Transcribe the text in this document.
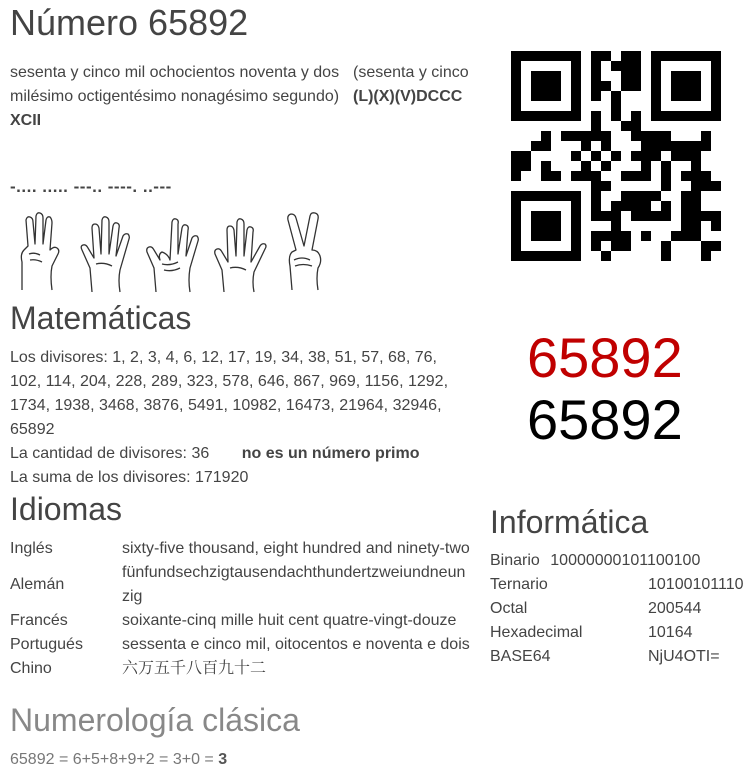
Número 65892
sesenta y cinco mil ochocientos noventa y dos
milésimo octigentésimo nonagésimo segundo)
XCII
(sesenta y cinco
(L)(X)(V)DCCC
-.... ..... ---.. ----. ..---
Matemáticas
Los divisores: 1, 2, 3, 4, 6, 12, 17, 19, 34, 38, 51, 57, 68, 76,
102, 114, 204, 228, 289, 323, 578, 646, 867, 969, 1156, 1292,
1734, 1938, 3468, 3876, 5491, 10982, 16473, 21964, 32946,
65892
La cantidad de divisores: 36 no es un número primo
La suma de los divisores: 171920
65892
65892
Idiomas
Inglés	sixty-five thousand, eight hundred and ninety-two
Alemán	fünfundsechzigtausendachthundertzweiundneun
zig

Francés	soixante-cinq mille huit cent quatre-vingt-douze
Portugués	sessenta e cinco mil, oitocentos e noventa e dois
Chino	六万五千八百九十二
Informática
Binario 10000000101100100
Ternario	10100101110
Octal	200544
Hexadecimal	10164
BASE64	NjU4OTI=
Numerología clásica
65892 = 6+5+8+9+2 = 3+0 = 3
